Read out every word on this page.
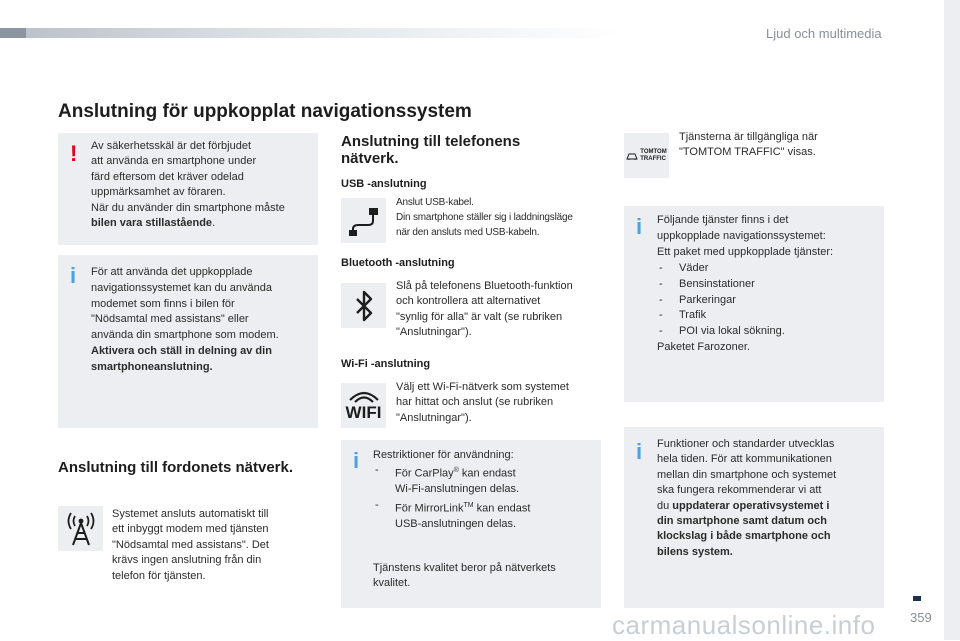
Ljud och multimedia
Anslutning för uppkopplat navigationssystem
! Av säkerhetsskäl är det förbjudet
att använda en smartphone under
färd eftersom det kräver odelad
uppmärksamhet av föraren.
När du använder din smartphone måste
bilen vara stillastående.
i För att använda det uppkopplade
navigationssystemet kan du använda
modemet som finns i bilen för
"Nödsamtal med assistans" eller
använda din smartphone som modem.
Aktivera och ställ in delning av din
smartphoneanslutning.
Anslutning till fordonets nätverk.
Systemet ansluts automatiskt till
ett inbyggt modem med tjänsten
"Nödsamtal med assistans". Det
krävs ingen anslutning från din
telefon för tjänsten.
Anslutning till telefonens
nätverk.
USB -anslutning
Anslut USB-kabel.
Din smartphone ställer sig i laddningsläge
när den ansluts med USB-kabeln.
Bluetooth -anslutning
Slå på telefonens Bluetooth-funktion
och kontrollera att alternativet
"synlig för alla" är valt (se rubriken
"Anslutningar").
Wi-Fi -anslutning
WIFI
Välj ett Wi-Fi-nätverk som systemet
har hittat och anslut (se rubriken
"Anslutningar").
i Restriktioner för användning:
- För CarPlay® kan endast
Wi-Fi-anslutningen delas.
- För MirrorLink™ kan endast
USB-anslutningen delas.
Tjänstens kvalitet beror på nätverkets
kvalitet.
TOMTOM
TRAFFIC
Tjänsterna är tillgängliga när
"TOMTOM TRAFFIC" visas.
i Följande tjänster finns i det
uppkopplade navigationssystemet:
Ett paket med uppkopplade tjänster:
- Väder
- Bensinstationer
- Parkeringar
- Trafik
- POI via lokal sökning.
Paketet Farozoner.
i Funktioner och standarder utvecklas
hela tiden. För att kommunikationen
mellan din smartphone och systemet
ska fungera rekommenderar vi att
du uppdaterar operativsystemet i
din smartphone samt datum och
klockslag i både smartphone och
bilens system.
359
carmanualsonline.info
